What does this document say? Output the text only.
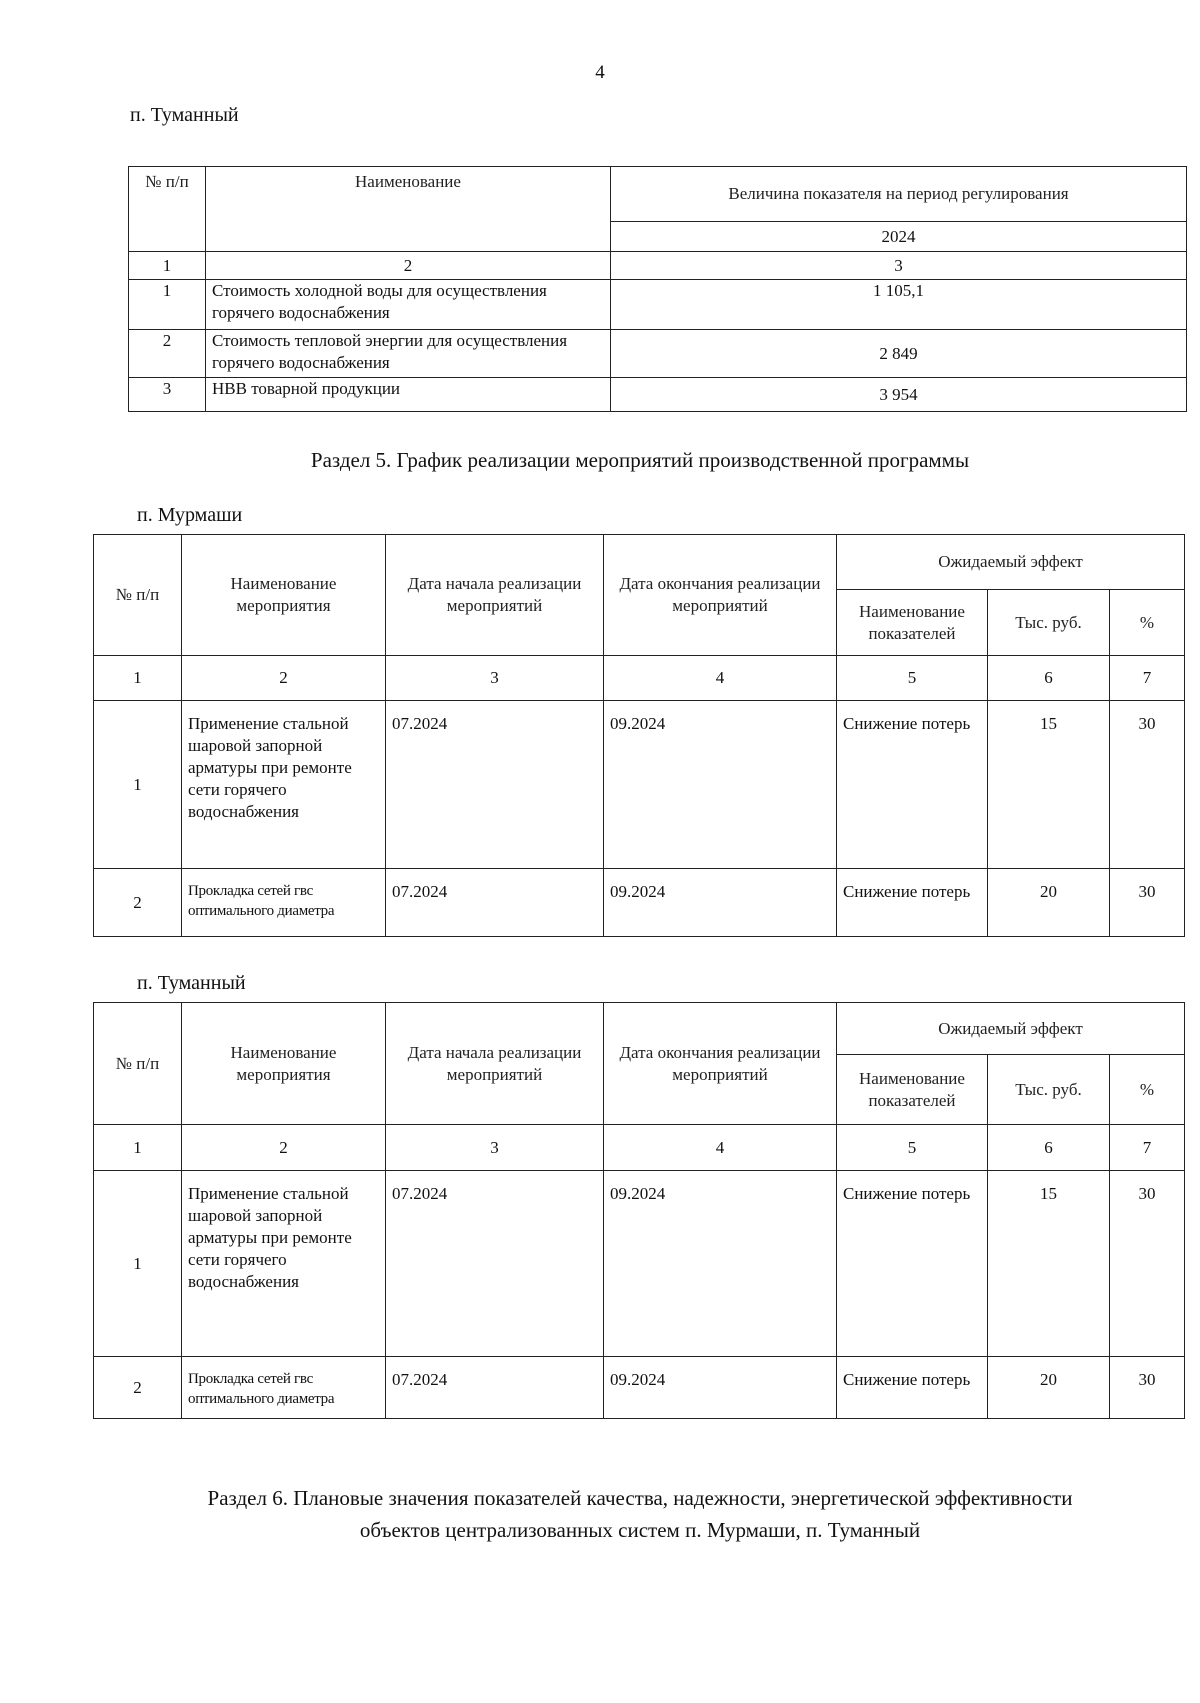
4
п. Туманный
№ п/п	Наименование	Величина показателя на период регулирования
		2024
1	2	3
1	Стоимость холодной воды для осуществления горячего водоснабжения	1 105,1
2	Стоимость тепловой энергии для осуществления горячего водоснабжения	2 849
3	НВВ товарной продукции	3 954
Раздел 5. График реализации мероприятий производственной программы
п. Мурмаши
№ п/п	Наименование мероприятия	Дата начала реализации мероприятий	Дата окончания реализации мероприятий	Ожидаемый эффект		
				Наименование показателей	Тыс. руб.	%
1	2	3	4	5	6	7
1	Применение стальной шаровой запорной арматуры при ремонте сети горячего водоснабжения	07.2024	09.2024	Снижение потерь	15	30
2	Прокладка сетей гвс оптимального диаметра	07.2024	09.2024	Снижение потерь	20	30
п. Туманный
№ п/п	Наименование мероприятия	Дата начала реализации мероприятий	Дата окончания реализации мероприятий	Ожидаемый эффект		
				Наименование показателей	Тыс. руб.	%
1	2	3	4	5	6	7
1	Применение стальной шаровой запорной арматуры при ремонте сети горячего водоснабжения	07.2024	09.2024	Снижение потерь	15	30
2	Прокладка сетей гвс оптимального диаметра	07.2024	09.2024	Снижение потерь	20	30
Раздел 6. Плановые значения показателей качества, надежности, энергетической эффективности объектов централизованных систем п. Мурмаши, п. Туманный
